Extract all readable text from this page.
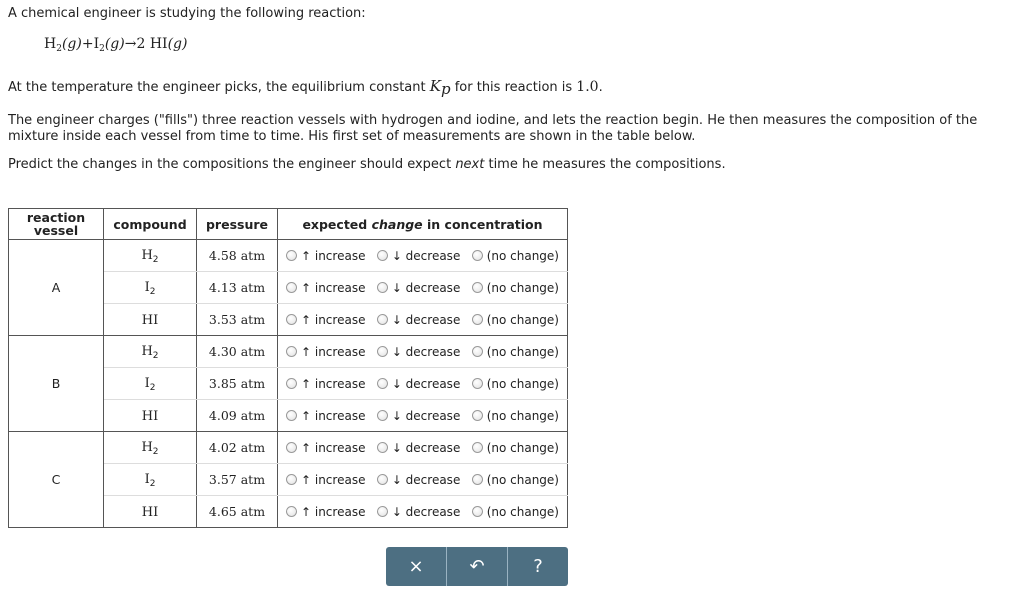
A chemical engineer is studying the following reaction:
$H_2(g)+I_2(g)\to 2$ HI(g)
At the temperature the engineer picks, the equilibrium constant $K_p$ for this reaction is 1.0.
The engineer charges ("fills") three reaction vessels with hydrogen and iodine, and lets the reaction begin. He then measures the composition of the mixture inside each vessel from time to time. His first set of measurements are shown in the table below.
Predict the changes in the compositions the engineer should expect next time he measures the compositions.
reaction vessel	compound	pressure	expected change in concentration
A	$H_2$	4.58 atm	↑ increase ↓ decrease (no change)

	$I_2$	4.13 atm	↑ increase ↓ decrease (no change)

	HI	3.53 atm	↑ increase ↓ decrease (no change)

B	$H_2$	4.30 atm	↑ increase ↓ decrease (no change)

	$I_2$	3.85 atm	↑ increase ↓ decrease (no change)

	HI	4.09 atm	↑ increase ↓ decrease (no change)

C	$H_2$	4.02 atm	↑ increase ↓ decrease (no change)

	$I_2$	3.57 atm	↑ increase ↓ decrease (no change)

	HI	4.65 atm	↑ increase ↓ decrease (no change)
×	↶	?
